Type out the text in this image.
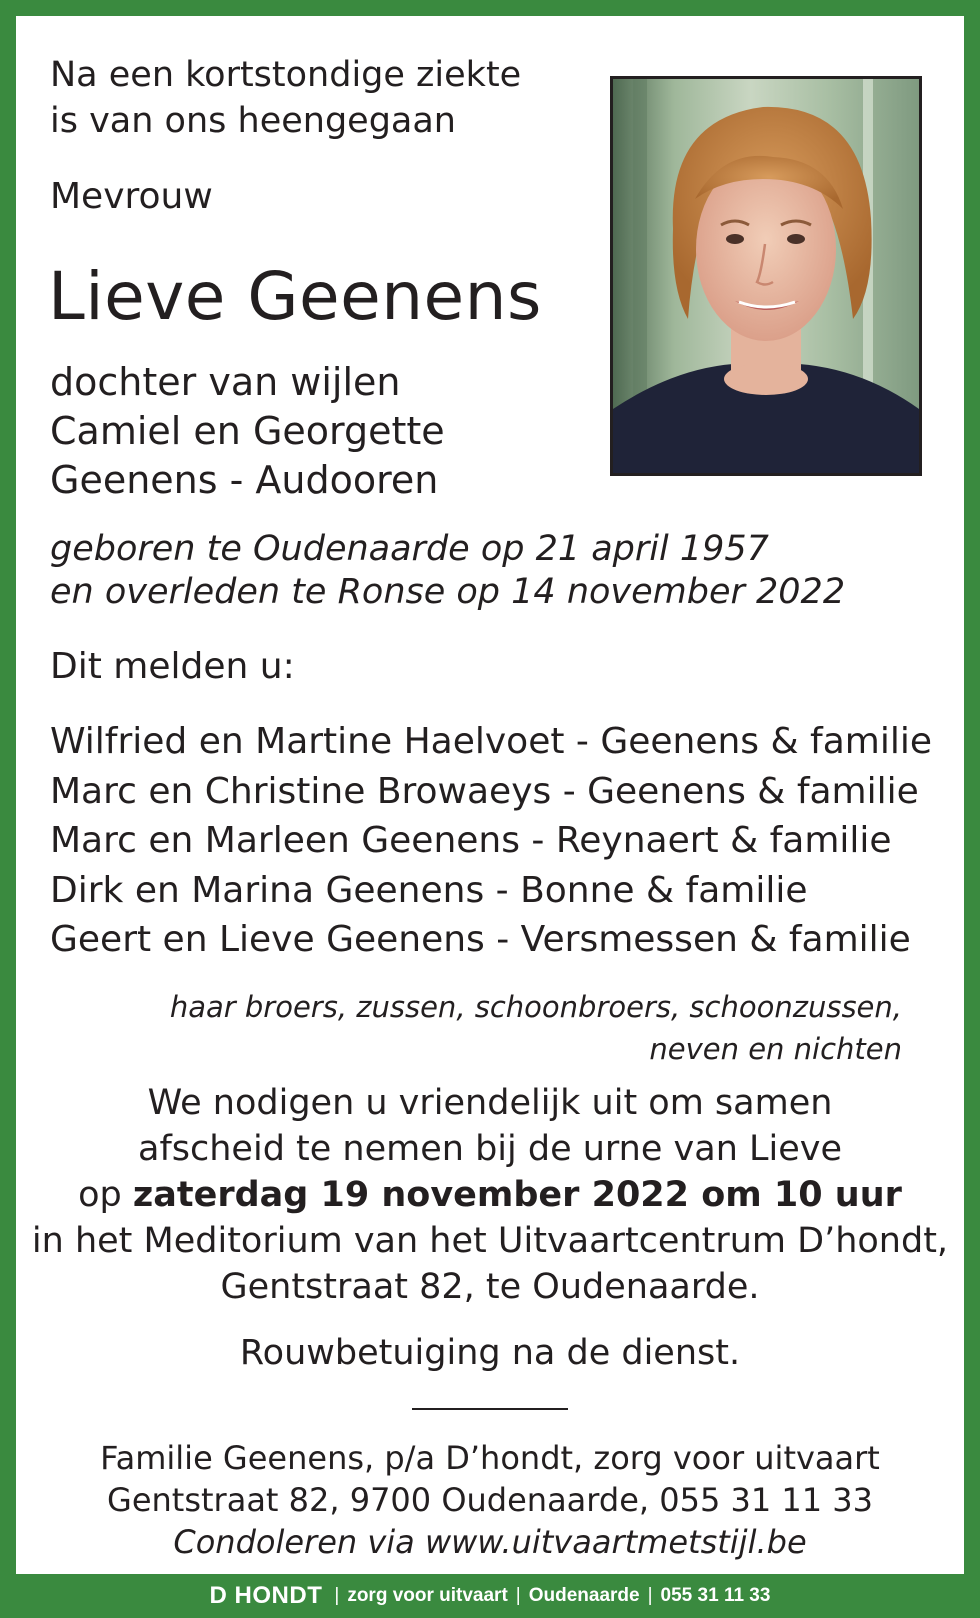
Na een kortstondige ziekte
is van ons heengegaan
Mevrouw
Lieve Geenens
dochter van wijlen
Camiel en Georgette
Geenens - Audooren
geboren te Oudenaarde op 21 april 1957
en overleden te Ronse op 14 november 2022
Dit melden u:
Wilfried en Martine Haelvoet - Geenens & familie
Marc en Christine Browaeys - Geenens & familie
Marc en Marleen Geenens - Reynaert & familie
Dirk en Marina Geenens - Bonne & familie
Geert en Lieve Geenens - Versmessen & familie
haar broers, zussen, schoonbroers, schoonzussen,
neven en nichten
We nodigen u vriendelijk uit om samen
afscheid te nemen bij de urne van Lieve
op zaterdag 19 november 2022 om 10 uur
in het Meditorium van het Uitvaartcentrum D’hondt,
Gentstraat 82, te Oudenaarde.
Rouwbetuiging na de dienst.
Familie Geenens, p/a D’hondt, zorg voor uitvaart
Gentstraat 82, 9700 Oudenaarde, 055 31 11 33
Condoleren via www.uitvaartmetstijl.be
D HONDT | zorg voor uitvaart | Oudenaarde | 055 31 11 33
